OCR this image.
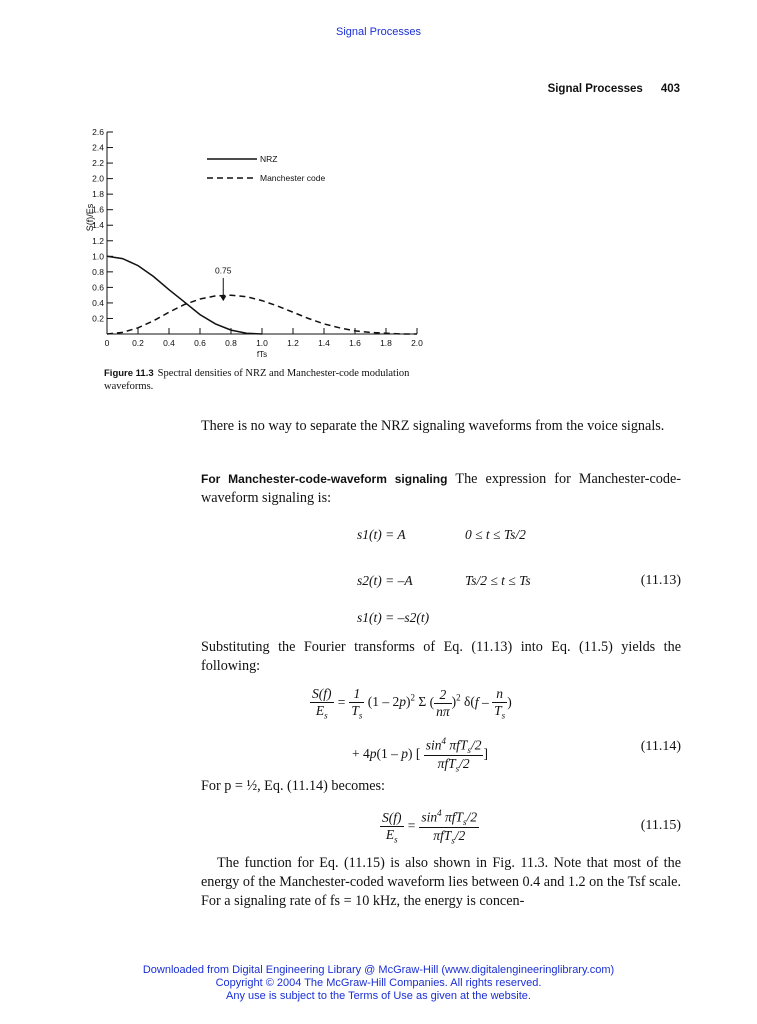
Signal Processes
Signal Processes 403
0	0.2 0.4 0.6 0.8 1.0 1.2 1.4 1.6 1.8 2.0
0.2
0.4
0.6
0.8
1.0
1.2
1.4
1.6
1.8
2.0
2.2
2.4
2.6
fTs
S(f)/Es
NRZ
Manchester code
0.75
Figure 11.3 Spectral densities of NRZ and Manchester-code modulation waveforms.
There is no way to separate the NRZ signaling waveforms from the voice signals.
For Manchester-code-waveform signaling The expression for Manchester-code-waveform signaling is:
s1(t) = A	0 ≤ t ≤ Ts/2
s2(t) = –A	Ts/2 ≤ t ≤ Ts	(11.13)
s1(t) = –s2(t)
Substituting the Fourier transforms of Eq. (11.13) into Eq. (11.5) yields the following:
$\frac{S(f)}{E_s} = \frac{1}{T_s} (1 - 2p)^2$ Σ ( $\frac{2}{n\pi} )^2$ $\delta(f - \frac{n}{T_s}$ )
+ 4p(1 – p) [ $\frac{\sin^4 \pi fT_s/2}{\pi fT_s/2}$ ]	(11.14)
For p = ½, Eq. (11.14) becomes:
$\frac{S(f)}{E_s} = \frac{\sin^4 \pi fT_s/2}{\pi fT_s/2}$	(11.15)
The function for Eq. (11.15) is also shown in Fig. 11.3. Note that most of the energy of the Manchester-coded waveform lies between 0.4 and 1.2 on the Tsf scale. For a signaling rate of fs = 10 kHz, the energy is concen-
Downloaded from Digital Engineering Library @ McGraw-Hill (www.digitalengineeringlibrary.com)
Copyright © 2004 The McGraw-Hill Companies. All rights reserved.
Any use is subject to the Terms of Use as given at the website.
